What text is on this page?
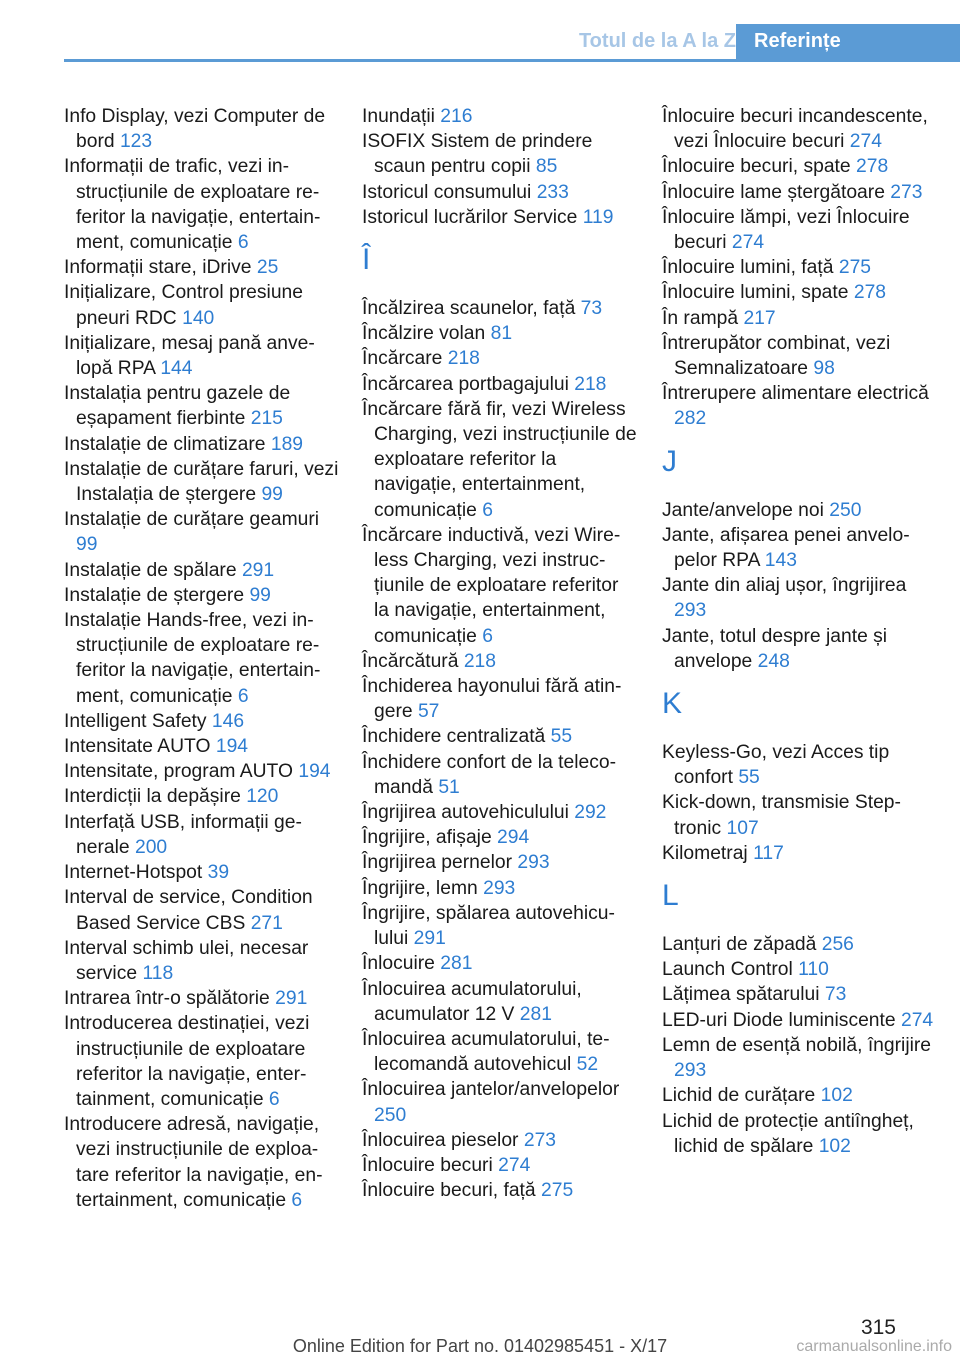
Totul de la A la Z Referințe
Info Display, vezi Computer de bord 123
Informații de trafic, vezi instrucțiunile de exploatare referitor la navigație, entertainment, comunicație 6
Informații stare, iDrive 25
Inițializare, Control presiune pneuri RDC 140
Inițializare, mesaj pană anvelopă RPA 144
Instalația pentru gazele de eșapament fierbinte 215
Instalație de climatizare 189
Instalație de curățare faruri, vezi Instalația de ștergere 99
Instalație de curățare geamuri 99
Instalație de spălare 291
Instalație de ștergere 99
Instalație Hands-free, vezi instrucțiunile de exploatare referitor la navigație, entertainment, comunicație 6
Intelligent Safety 146
Intensitate AUTO 194
Intensitate, program AUTO 194
Interdicții la depășire 120
Interfață USB, informații generale 200
Internet-Hotspot 39
Interval de service, Condition Based Service CBS 271
Interval schimb ulei, necesar service 118
Intrarea într-o spălătorie 291
Introducerea destinației, vezi instrucțiunile de exploatare referitor la navigație, entertainment, comunicație 6
Introducere adresă, navigație, vezi instrucțiunile de exploatare referitor la navigație, entertainment, comunicație 6
Inundații 216
ISOFIX Sistem de prindere scaun pentru copii 85
Istoricul consumului 233
Istoricul lucrărilor Service 119
Î
Încălzirea scaunelor, față 73
Încălzire volan 81
Încărcare 218
Încărcarea portbagajului 218
Încărcare fără fir, vezi Wireless Charging, vezi instrucțiunile de exploatare referitor la navigație, entertainment, comunicație 6
Încărcare inductivă, vezi Wireless Charging, vezi instrucțiunile de exploatare referitor la navigație, entertainment, comunicație 6
Încărcătură 218
Închiderea hayonului fără atingere 57
Închidere centralizată 55
Închidere confort de la telecomandă 51
Îngrijirea autovehiculului 292
Îngrijire, afișaje 294
Îngrijirea pernelor 293
Îngrijire, lemn 293
Îngrijire, spălarea autovehiculului 291
Înlocuire 281
Înlocuirea acumulatorului, acumulator 12 V 281
Înlocuirea acumulatorului, telecomandă autovehicul 52
Înlocuirea jantelor/anvelopelor 250
Înlocuirea pieselor 273
Înlocuire becuri 274
Înlocuire becuri, față 275
Înlocuire becuri incandescente, vezi Înlocuire becuri 274
Înlocuire becuri, spate 278
Înlocuire lame ștergătoare 273
Înlocuire lămpi, vezi Înlocuire becuri 274
Înlocuire lumini, față 275
Înlocuire lumini, spate 278
În rampă 217
Întrerupător combinat, vezi Semnalizatoare 98
Întrerupere alimentare electrică 282
J
Jante/anvelope noi 250
Jante, afișarea penei anvelopelor RPA 143
Jante din aliaj ușor, îngrijirea 293
Jante, totul despre jante și anvelope 248
K
Keyless-Go, vezi Acces tip confort 55
Kick-down, transmisie Steptronic 107
Kilometraj 117
L
Lanțuri de zăpadă 256
Launch Control 110
Lățimea spătarului 73
LED-uri Diode luminiscente 274
Lemn de esență nobilă, îngrijire 293
Lichid de curățare 102
Lichid de protecție antiîngheț, lichid de spălare 102
315
Online Edition for Part no. 01402985451 - X/17	carmanualsonline.info
